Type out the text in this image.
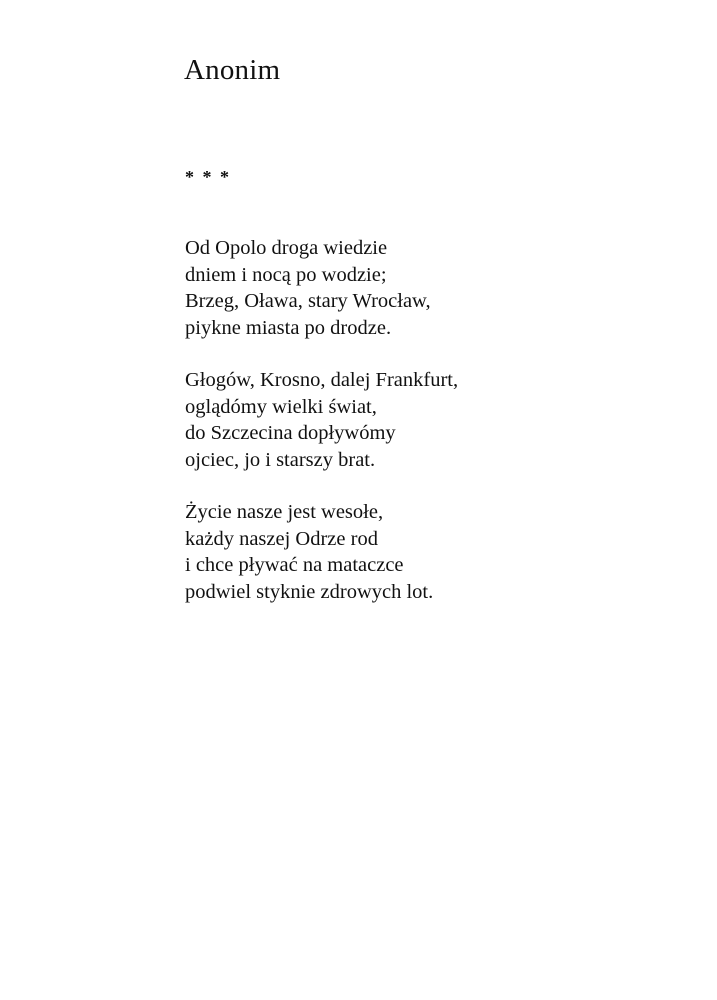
Anonim
* * *
Od Opolo droga wiedzie
dniem i nocą po wodzie;
Brzeg, Oława, stary Wrocław,
piykne miasta po drodze.
Głogów, Krosno, dalej Frankfurt,
oglądómy wielki świat,
do Szczecina dopływómy
ojciec, jo i starszy brat.
Życie nasze jest wesołe,
każdy naszej Odrze rod
i chce pływać na mataczce
podwiel styknie zdrowych lot.
